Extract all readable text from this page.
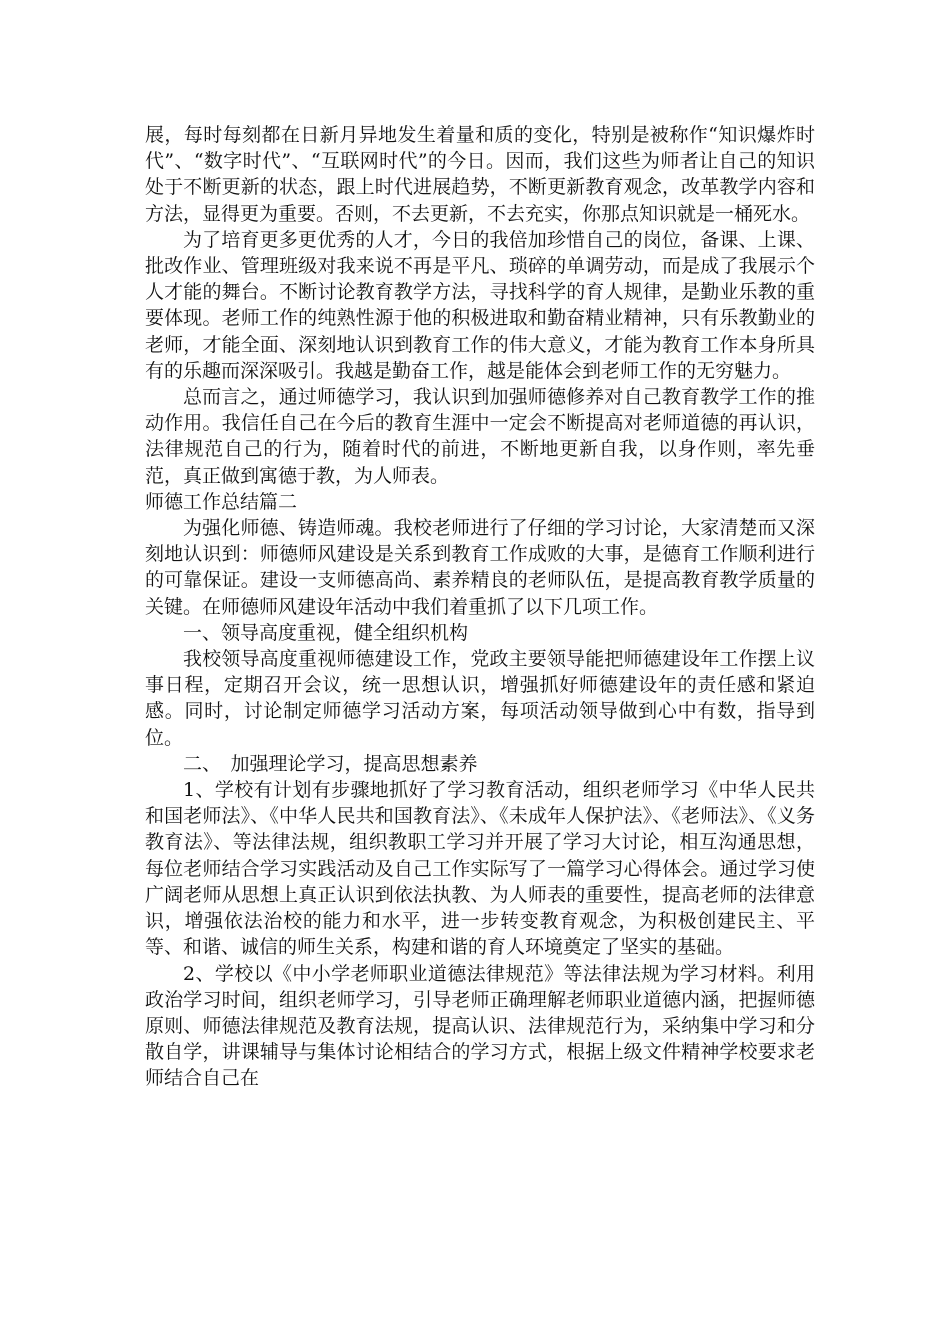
展，每时每刻都在日新月异地发生着量和质的变化，特别是被称作“知识爆炸时代”、“数字时代”、“互联网时代”的今日。因而，我们这些为师者让自己的知识处于不断更新的状态，跟上时代进展趋势，不断更新教育观念，改革教学内容和方法，显得更为重要。否则，不去更新，不去充实，你那点知识就是一桶死水。

为了培育更多更优秀的人才，今日的我倍加珍惜自己的岗位，备课、上课、批改作业、管理班级对我来说不再是平凡、琐碎的单调劳动，而是成了我展示个人才能的舞台。不断讨论教育教学方法，寻找科学的育人规律，是勤业乐教的重要体现。老师工作的纯熟性源于他的积极进取和勤奋精业精神，只有乐教勤业的老师，才能全面、深刻地认识到教育工作的伟大意义，才能为教育工作本身所具有的乐趣而深深吸引。我越是勤奋工作，越是能体会到老师工作的无穷魅力。

总而言之，通过师德学习，我认识到加强师德修养对自己教育教学工作的推动作用。我信任自己在今后的教育生涯中一定会不断提高对老师道德的再认识，法律规范自己的行为，随着时代的前进，不断地更新自我，以身作则，率先垂范，真正做到寓德于教，为人师表。

师德工作总结篇二

为强化师德、铸造师魂。我校老师进行了仔细的学习讨论，大家清楚而又深刻地认识到：师德师风建设是关系到教育工作成败的大事，是德育工作顺利进行的可靠保证。建设一支师德高尚、素养精良的老师队伍，是提高教育教学质量的关键。在师德师风建设年活动中我们着重抓了以下几项工作。

一、领导高度重视，健全组织机构

我校领导高度重视师德建设工作，党政主要领导能把师德建设年工作摆上议事日程，定期召开会议，统一思想认识，增强抓好师德建设年的责任感和紧迫感。同时，讨论制定师德学习活动方案，每项活动领导做到心中有数，指导到位。

二、　加强理论学习，提高思想素养

1、学校有计划有步骤地抓好了学习教育活动，组织老师学习《中华人民共和国老师法》、《中华人民共和国教育法》、《未成年人保护法》、《老师法》、《义务教育法》、等法律法规，组织教职工学习并开展了学习大讨论，相互沟通思想，每位老师结合学习实践活动及自己工作实际写了一篇学习心得体会。通过学习使广阔老师从思想上真正认识到依法执教、为人师表的重要性，提高老师的法律意识，增强依法治校的能力和水平，进一步转变教育观念，为积极创建民主、平等、和谐、诚信的师生关系，构建和谐的育人环境奠定了坚实的基础。

2、学校以《中小学老师职业道德法律规范》等法律法规为学习材料。利用政治学习时间，组织老师学习，引导老师正确理解老师职业道德内涵，把握师德原则、师德法律规范及教育法规，提高认识、法律规范行为，采纳集中学习和分散自学，讲课辅导与集体讨论相结合的学习方式，根据上级文件精神学校要求老师结合自己在
